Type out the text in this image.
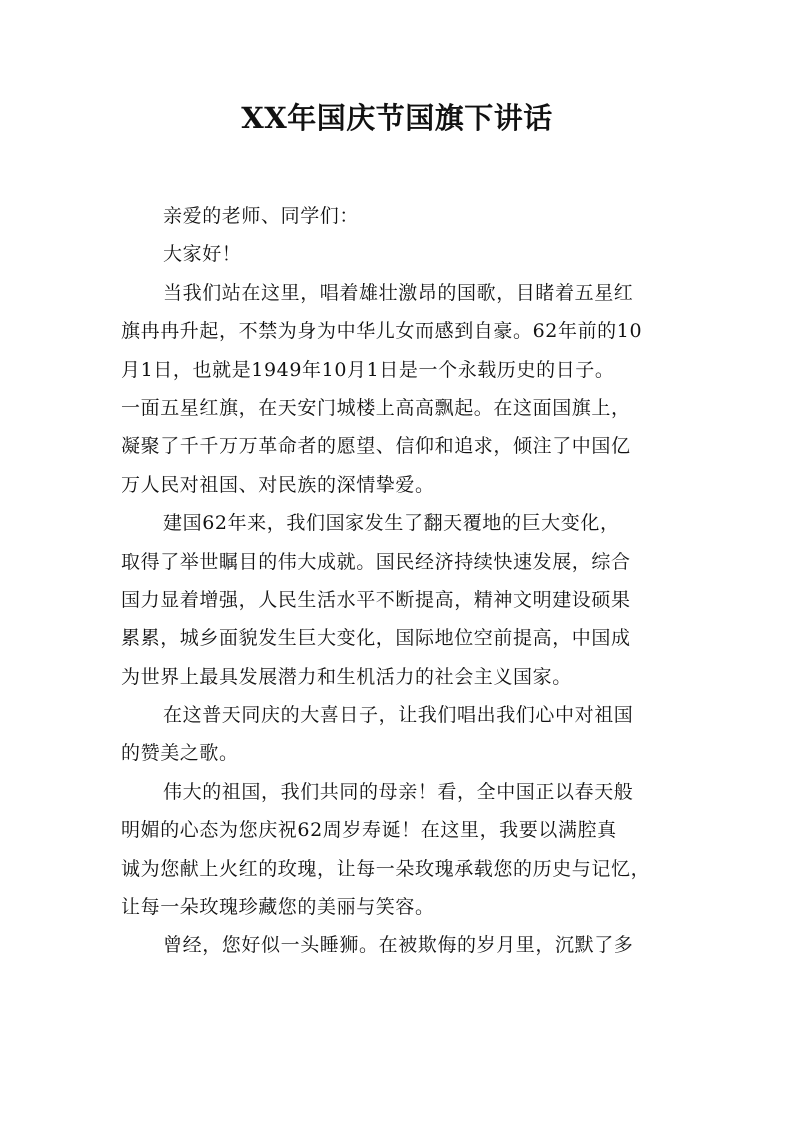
XX年国庆节国旗下讲话

亲爱的老师、同学们：

大家好！

当我们站在这里，唱着雄壮激昂的国歌，目睹着五星红

旗冉冉升起，不禁为身为中华儿女而感到自豪。62年前的10

月1日，也就是1949年10月1日是一个永载历史的日子。

一面五星红旗，在天安门城楼上高高飘起。在这面国旗上，

凝聚了千千万万革命者的愿望、信仰和追求，倾注了中国亿

万人民对祖国、对民族的深情挚爱。

建国62年来，我们国家发生了翻天覆地的巨大变化，

取得了举世瞩目的伟大成就。国民经济持续快速发展，综合

国力显着增强，人民生活水平不断提高，精神文明建设硕果

累累，城乡面貌发生巨大变化，国际地位空前提高，中国成

为世界上最具发展潜力和生机活力的社会主义国家。

在这普天同庆的大喜日子，让我们唱出我们心中对祖国

的赞美之歌。

伟大的祖国，我们共同的母亲！看，全中国正以春天般

明媚的心态为您庆祝62周岁寿诞！在这里，我要以满腔真

诚为您献上火红的玫瑰，让每一朵玫瑰承载您的历史与记忆，

让每一朵玫瑰珍藏您的美丽与笑容。

曾经，您好似一头睡狮。在被欺侮的岁月里，沉默了多
